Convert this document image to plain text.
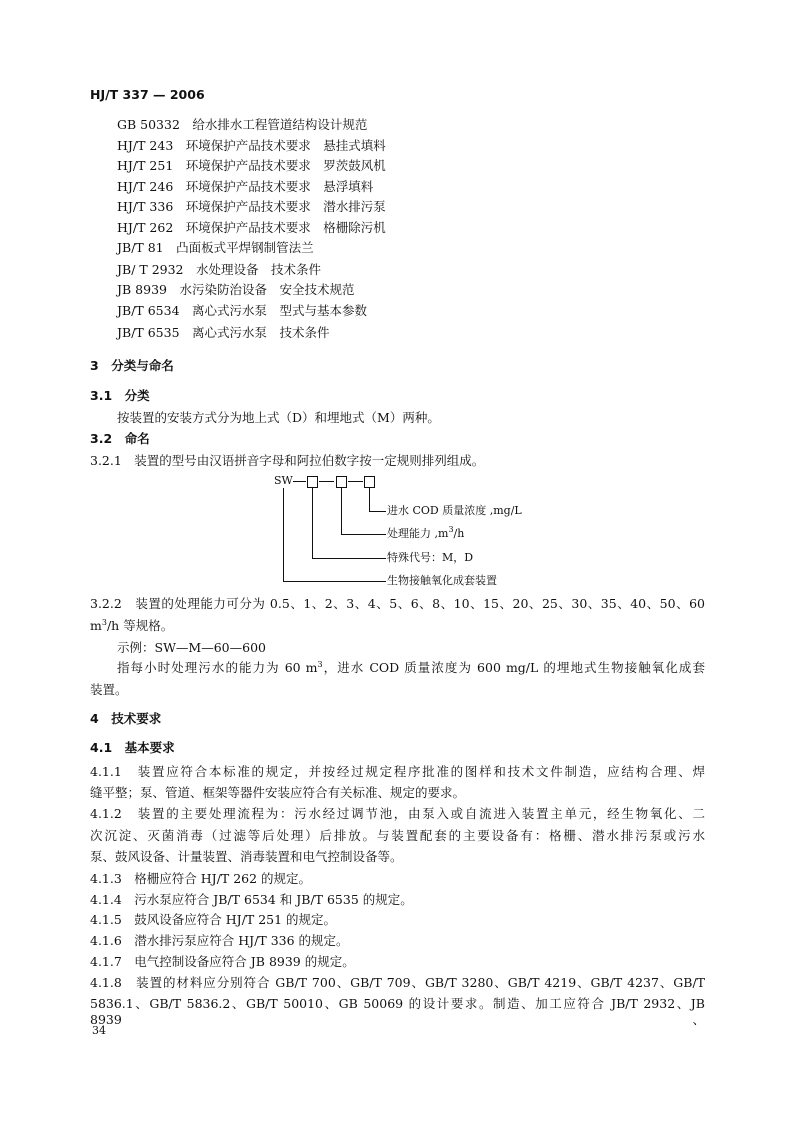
HJ/T 337 — 2006
GB 50332　给水排水工程管道结构设计规范
HJ/T 243　环境保护产品技术要求　悬挂式填料
HJ/T 251　环境保护产品技术要求　罗茨鼓风机
HJ/T 246　环境保护产品技术要求　悬浮填料
HJ/T 336　环境保护产品技术要求　潜水排污泵
HJ/T 262　环境保护产品技术要求　格栅除污机
JB/T 81　凸面板式平焊钢制管法兰
JB/ T 2932　水处理设备　技术条件
JB 8939　水污染防治设备　安全技术规范
JB/T 6534　离心式污水泵　型式与基本参数
JB/T 6535　离心式污水泵　技术条件
3　分类与命名
3.1　分类
按装置的安装方式分为地上式（D）和埋地式（M）两种。
3.2　命名
3.2.1　装置的型号由汉语拼音字母和阿拉伯数字按一定规则排列组成。
SW
进水 COD 质量浓度 ,mg/L
处理能力 $,m^3/h$
特殊代号：M，D
生物接触氧化成套装置
3.2.2　装置的处理能力可分为 0.5、1、2、3、4、5、6、8、10、15、20、25、30、35、40、50、60
$m^3/h$ 等规格。
示例：SW—M—60—600
指每小时处理污水的能力为 60 $m^3$，进水 COD 质量浓度为 600 mg/L 的埋地式生物接触氧化成套
装置。
4　技术要求
4.1　基本要求
4.1.1　装置应符合本标准的规定，并按经过规定程序批准的图样和技术文件制造，应结构合理、焊
缝平整；泵、管道、框架等器件安装应符合有关标准、规定的要求。
4.1.2　装置的主要处理流程为：污水经过调节池，由泵入或自流进入装置主单元，经生物氧化、二
次沉淀、灭菌消毒（过滤等后处理）后排放。与装置配套的主要设备有：格栅、潜水排污泵或污水
泵、鼓风设备、计量装置、消毒装置和电气控制设备等。
4.1.3　格栅应符合 HJ/T 262 的规定。
4.1.4　污水泵应符合 JB/T 6534 和 JB/T 6535 的规定。
4.1.5　鼓风设备应符合 HJ/T 251 的规定。
4.1.6　潜水排污泵应符合 HJ/T 336 的规定。
4.1.7　电气控制设备应符合 JB 8939 的规定。
4.1.8　装置的材料应分别符合 GB/T 700、GB/T 709、GB/T 3280、GB/T 4219、GB/T 4237、GB/T
5836.1、GB/T 5836.2、GB/T 50010、GB 50069 的设计要求。制造、加工应符合 JB/T 2932、JB 8939、
34
